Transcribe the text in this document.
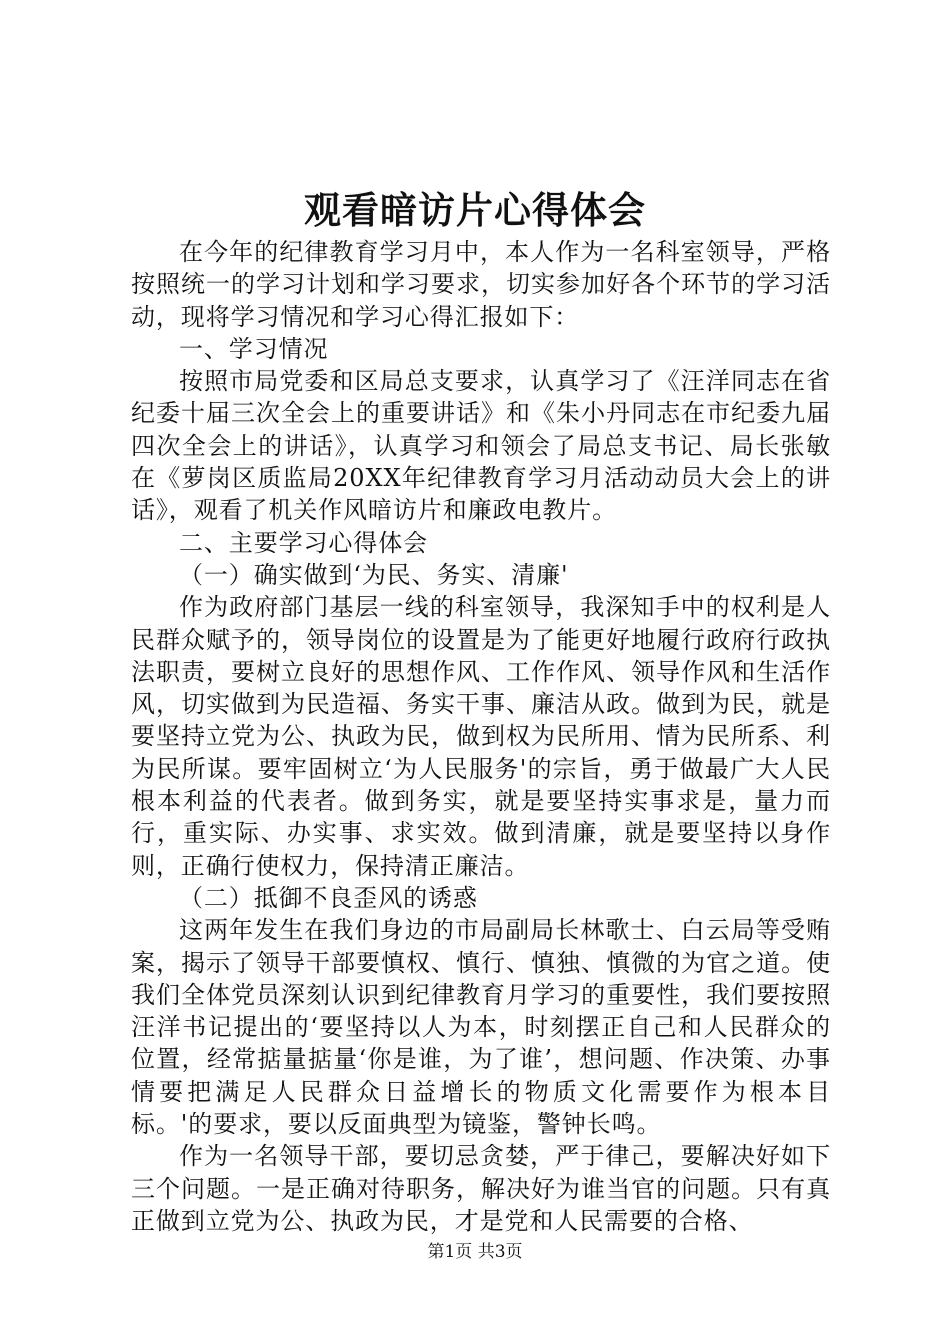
观看暗访片心得体会

在今年的纪律教育学习月中，本人作为一名科室领导，严格按照统一的学习计划和学习要求，切实参加好各个环节的学习活动，现将学习情况和学习心得汇报如下：

一、学习情况

按照市局党委和区局总支要求，认真学习了《汪洋同志在省纪委十届三次全会上的重要讲话》和《朱小丹同志在市纪委九届四次全会上的讲话》，认真学习和领会了局总支书记、局长张敏在《萝岗区质监局20XX年纪律教育学习月活动动员大会上的讲话》，观看了机关作风暗访片和廉政电教片。

二、主要学习心得体会

（一）确实做到‘为民、务实、清廉'

作为政府部门基层一线的科室领导，我深知手中的权利是人民群众赋予的，领导岗位的设置是为了能更好地履行政府行政执法职责，要树立良好的思想作风、工作作风、领导作风和生活作风，切实做到为民造福、务实干事、廉洁从政。做到为民，就是要坚持立党为公、执政为民，做到权为民所用、情为民所系、利为民所谋。要牢固树立‘为人民服务'的宗旨，勇于做最广大人民根本利益的代表者。做到务实，就是要坚持实事求是，量力而行，重实际、办实事、求实效。做到清廉，就是要坚持以身作则，正确行使权力，保持清正廉洁。

（二）抵御不良歪风的诱惑

这两年发生在我们身边的市局副局长林歌士、白云局等受贿案，揭示了领导干部要慎权、慎行、慎独、慎微的为官之道。使我们全体党员深刻认识到纪律教育月学习的重要性，我们要按照汪洋书记提出的‘要坚持以人为本，时刻摆正自己和人民群众的位置，经常掂量掂量‘你是谁，为了谁’，想问题、作决策、办事情要把满足人民群众日益增长的物质文化需要作为根本目标。'的要求，要以反面典型为镜鉴，警钟长鸣。

作为一名领导干部，要切忌贪婪，严于律己，要解决好如下三个问题。一是正确对待职务，解决好为谁当官的问题。只有真正做到立党为公、执政为民，才是党和人民需要的合格、

第1页 共3页
